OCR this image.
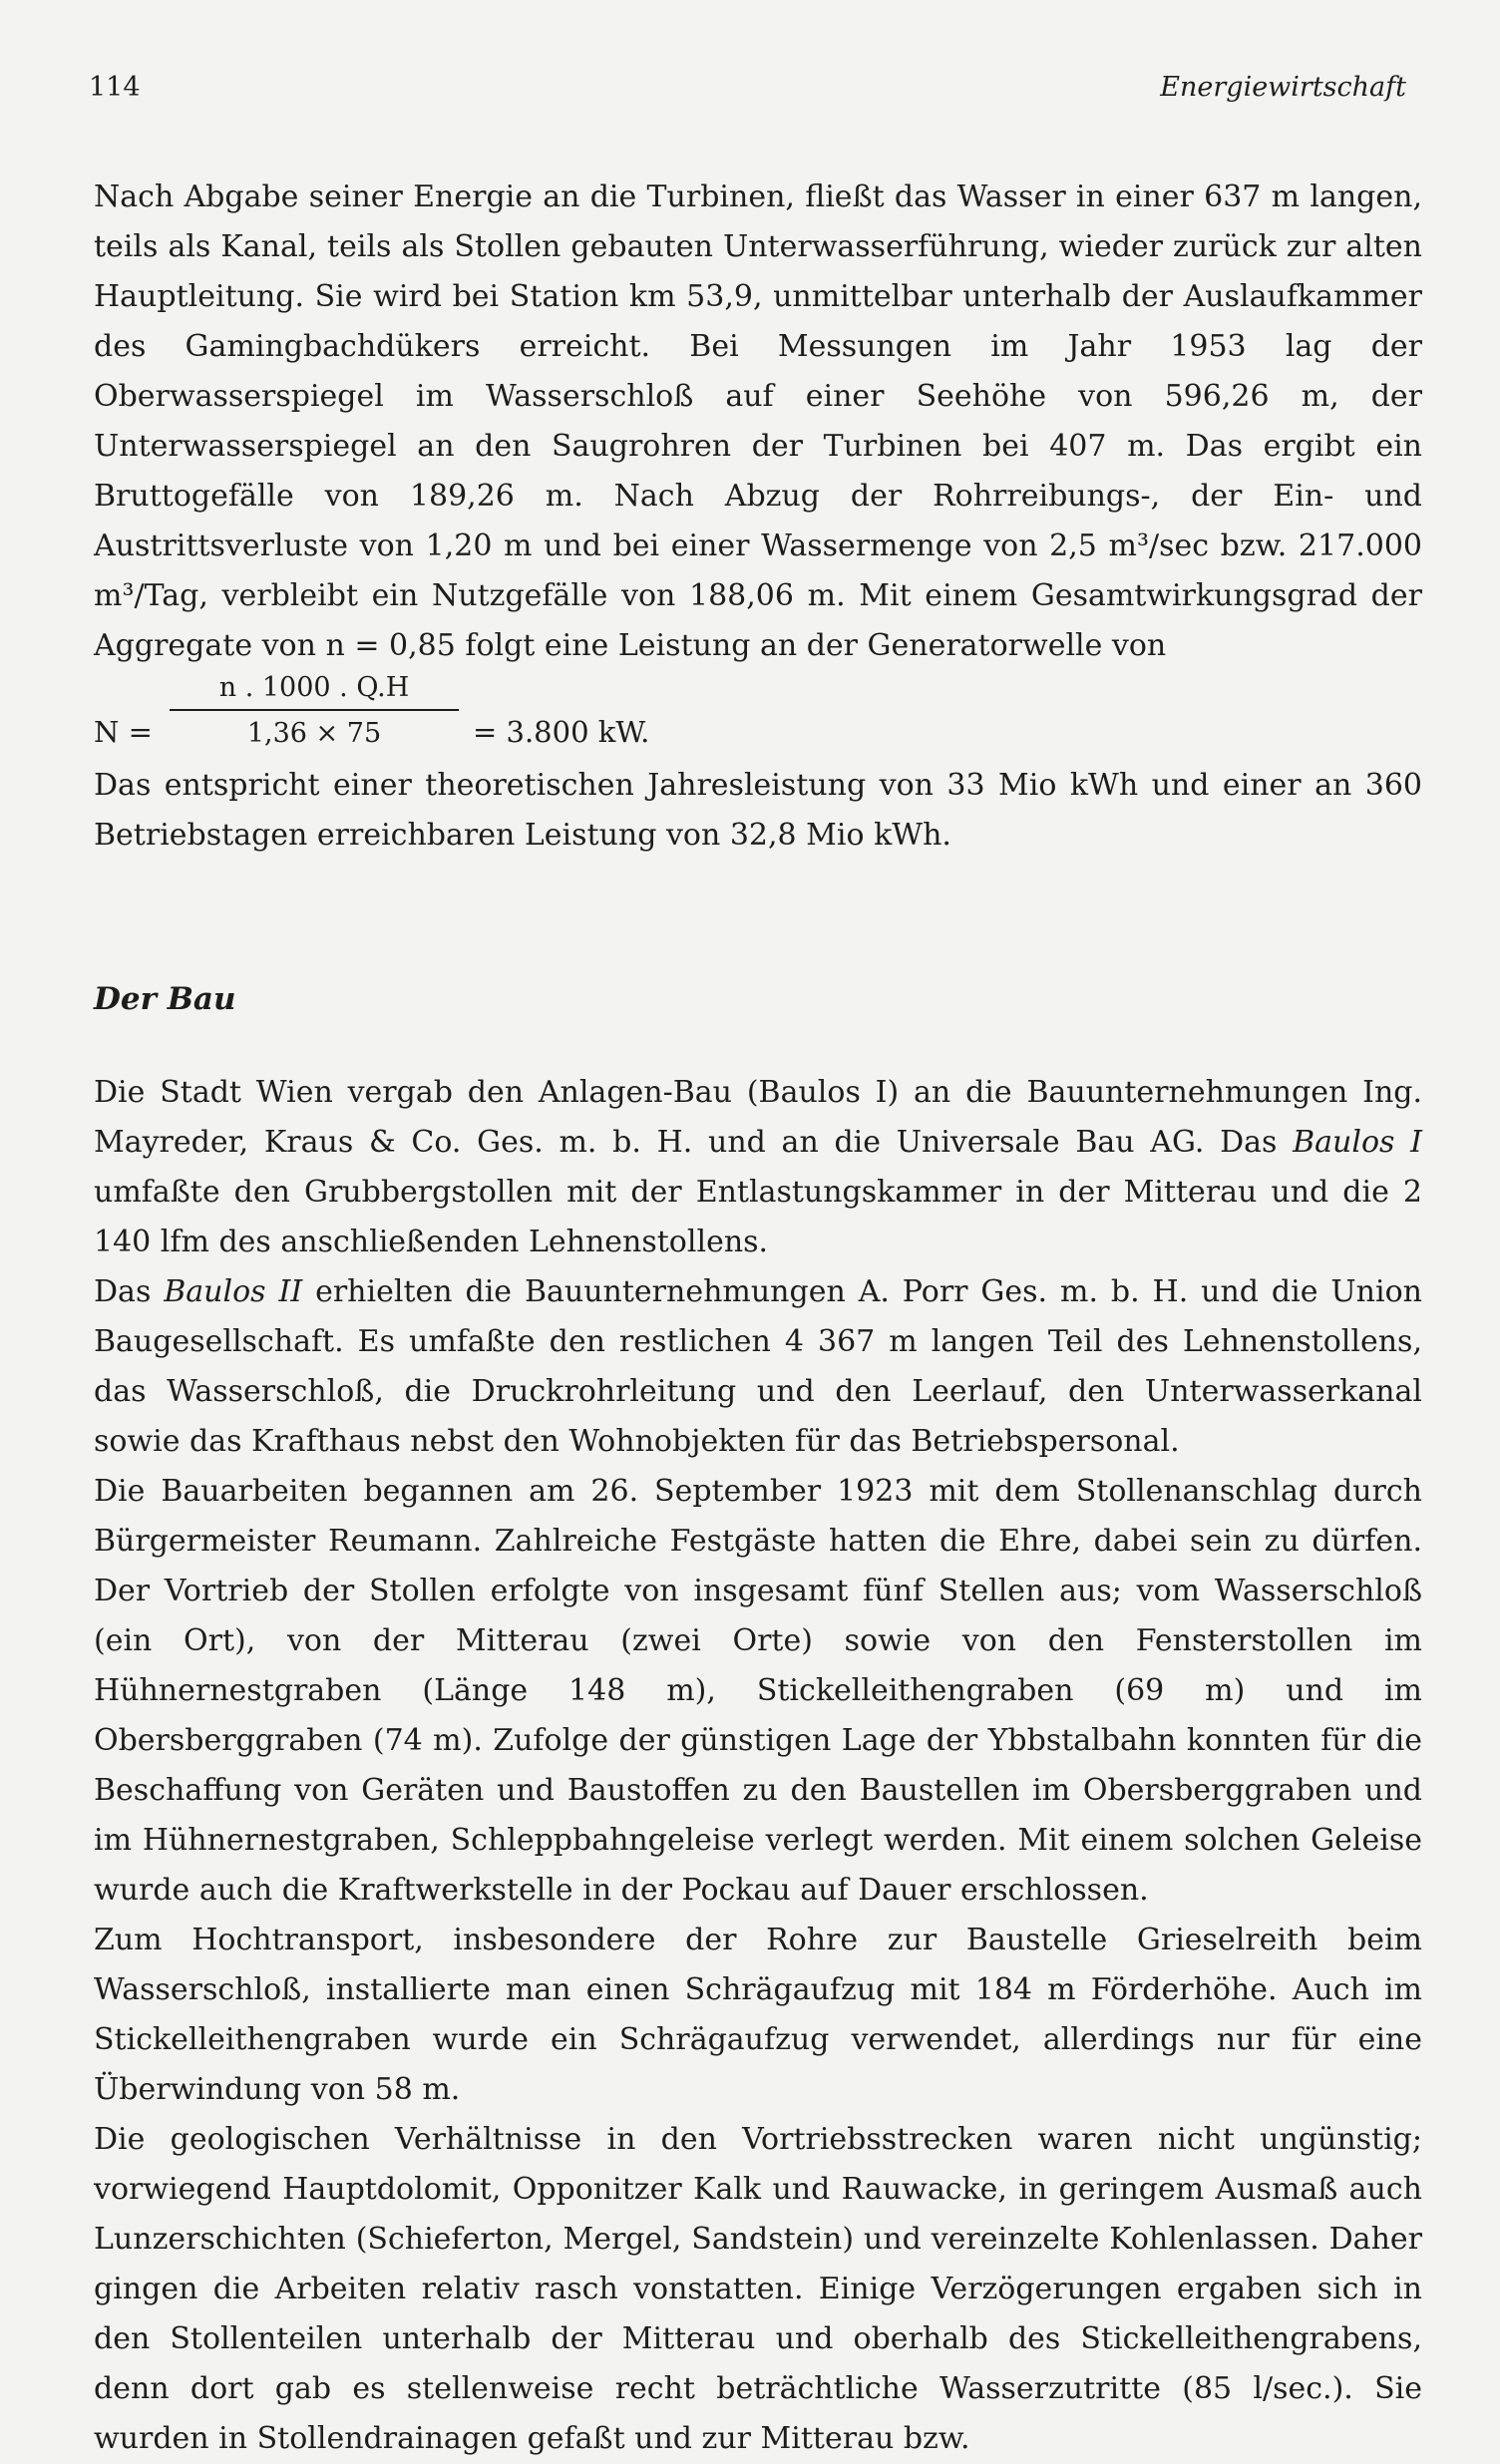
114	Energiewirtschaft

Nach Abgabe seiner Energie an die Turbinen, fließt das Wasser in einer 637 m langen, teils als Kanal, teils als Stollen gebauten Unterwasserführung, wieder zurück zur alten Hauptleitung. Sie wird bei Station km 53,9, unmittelbar unterhalb der Auslaufkammer des Gamingbachdükers erreicht. Bei Messungen im Jahr 1953 lag der Oberwasserspiegel im Wasserschloß auf einer Seehöhe von 596,26 m, der Unterwasserspiegel an den Saugrohren der Turbinen bei 407 m. Das ergibt ein Bruttogefälle von 189,26 m. Nach Abzug der Rohrreibungs-, der Ein- und Austrittsverluste von 1,20 m und bei einer Wassermenge von 2,5 m³/sec bzw. 217.000 m³/Tag, verbleibt ein Nutzgefälle von 188,06 m. Mit einem Gesamtwirkungsgrad der Aggregate von n = 0,85 folgt eine Leistung an der Generatorwelle von

N =
n . 1000 . Q.H
1,36 × 75	= 3.800 kW.

Das entspricht einer theoretischen Jahresleistung von 33 Mio kWh und einer an 360 Betriebstagen erreichbaren Leistung von 32,8 Mio kWh.

Der Bau

Die Stadt Wien vergab den Anlagen-Bau (Baulos I) an die Bauunternehmungen Ing. Mayreder, Kraus & Co. Ges. m. b. H. und an die Universale Bau AG. Das Baulos I umfaßte den Grubbergstollen mit der Entlastungskammer in der Mitterau und die 2 140 lfm des anschließenden Lehnenstollens.

Das Baulos II erhielten die Bauunternehmungen A. Porr Ges. m. b. H. und die Union Baugesellschaft. Es umfaßte den restlichen 4 367 m langen Teil des Lehnenstollens, das Wasserschloß, die Druckrohrleitung und den Leerlauf, den Unterwasserkanal sowie das Krafthaus nebst den Wohnobjekten für das Betriebspersonal.

Die Bauarbeiten begannen am 26. September 1923 mit dem Stollenanschlag durch Bürgermeister Reumann. Zahlreiche Festgäste hatten die Ehre, dabei sein zu dürfen. Der Vortrieb der Stollen erfolgte von insgesamt fünf Stellen aus; vom Wasserschloß (ein Ort), von der Mitterau (zwei Orte) sowie von den Fensterstollen im Hühnernestgraben (Länge 148 m), Stickelleithengraben (69 m) und im Obersberggraben (74 m). Zufolge der günstigen Lage der Ybbstalbahn konnten für die Beschaffung von Geräten und Baustoffen zu den Baustellen im Obersberggraben und im Hühnernestgraben, Schleppbahngeleise verlegt werden. Mit einem solchen Geleise wurde auch die Kraftwerkstelle in der Pockau auf Dauer erschlossen.

Zum Hochtransport, insbesondere der Rohre zur Baustelle Grieselreith beim Wasserschloß, installierte man einen Schrägaufzug mit 184 m Förderhöhe. Auch im Stickelleithengraben wurde ein Schrägaufzug verwendet, allerdings nur für eine Überwindung von 58 m.

Die geologischen Verhältnisse in den Vortriebsstrecken waren nicht ungünstig; vorwiegend Hauptdolomit, Opponitzer Kalk und Rauwacke, in geringem Ausmaß auch Lunzerschichten (Schieferton, Mergel, Sandstein) und vereinzelte Kohlenlassen. Daher gingen die Arbeiten relativ rasch vonstatten. Einige Verzögerungen ergaben sich in den Stollenteilen unterhalb der Mitterau und oberhalb des Stickelleithengrabens, denn dort gab es stellenweise recht beträchtliche Wasserzutritte (85 l/sec.). Sie wurden in Stollendrainagen gefaßt und zur Mitterau bzw.
